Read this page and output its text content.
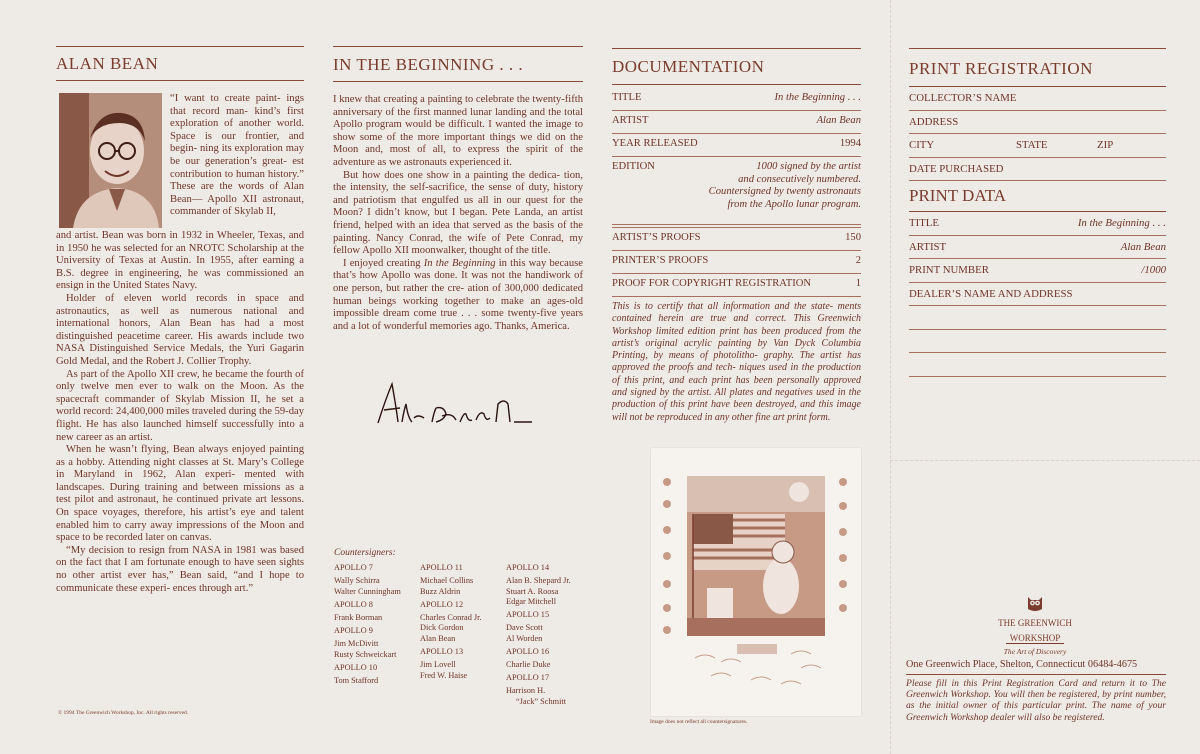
ALAN BEAN

“I want to create paint- ings that record man- kind’s first exploration of another world. Space is our frontier, and begin- ning its exploration may be our generation’s great- est contribution to human history.” These are the words of Alan Bean— Apollo XII astronaut, commander of Skylab II,

and artist. Bean was born in 1932 in Wheeler, Texas, and in 1950 he was selected for an NROTC Scholarship at the University of Texas at Austin. In 1955, after earning a B.S. degree in engineering, he was commissioned an ensign in the United States Navy.

Holder of eleven world records in space and astronautics, as well as numerous national and international honors, Alan Bean has had a most distinguished peacetime career. His awards include two NASA Distinguished Service Medals, the Yuri Gagarin Gold Medal, and the Robert J. Collier Trophy.

As part of the Apollo XII crew, he became the fourth of only twelve men ever to walk on the Moon. As the spacecraft commander of Skylab Mission II, he set a world record: 24,400,000 miles traveled during the 59-day flight. He has also launched himself successfully into a new career as an artist.

When he wasn’t flying, Bean always enjoyed painting as a hobby. Attending night classes at St. Mary’s College in Maryland in 1962, Alan experi- mented with landscapes. During training and between missions as a test pilot and astronaut, he continued private art lessons. On space voyages, therefore, his artist’s eye and talent enabled him to carry away impressions of the Moon and space to be recorded later on canvas.

“My decision to resign from NASA in 1981 was based on the fact that I am fortunate enough to have seen sights no other artist ever has,” Bean said, “and I hope to communicate these experi- ences through art.”

© 1994 The Greenwich Workshop, Inc. All rights reserved.
IN THE BEGINNING . . .

I knew that creating a painting to celebrate the twenty-fifth anniversary of the first manned lunar landing and the total Apollo program would be difficult. I wanted the image to show some of the more important things we did on the Moon and, most of all, to express the spirit of the adventure as we astronauts experienced it.

But how does one show in a painting the dedica- tion, the intensity, the self-sacrifice, the sense of duty, history and patriotism that engulfed us all in our quest for the Moon? I didn’t know, but I began. Pete Landa, an artist friend, helped with an idea that served as the basis of the painting. Nancy Conrad, the wife of Pete Conrad, my fellow Apollo XII moonwalker, thought of the title.

I enjoyed creating In the Beginning in this way because that’s how Apollo was done. It was not the handiwork of one person, but rather the cre- ation of 300,000 dedicated human beings working together to make an ages-old impossible dream come true . . . some twenty-five years and a lot of wonderful memories ago. Thanks, America.

Countersigners:
APOLLO 7
Wally Schirra
Walter Cunningham
APOLLO 8
Frank Borman
APOLLO 9
Jim McDivitt
Rusty Schweickart
APOLLO 10
Tom Stafford
APOLLO 11
Michael Collins
Buzz Aldrin
APOLLO 12
Charles Conrad Jr.
Dick Gordon
Alan Bean
APOLLO 13
Jim Lovell
Fred W. Haise
APOLLO 14
Alan B. Shepard Jr.
Stuart A. Roosa
Edgar Mitchell
APOLLO 15
Dave Scott
Al Worden
APOLLO 16
Charlie Duke
APOLLO 17
Harrison H.
“Jack” Schmitt
DOCUMENTATION
TITLE	In the Beginning . . .
ARTIST	Alan Bean
YEAR RELEASED	1994
EDITION	1000 signed by the artist
and consecutively numbered.
Countersigned by twenty astronauts
from the Apollo lunar program.
ARTIST’S PROOFS	150
PRINTER’S PROOFS	2
PROOF FOR COPYRIGHT REGISTRATION	1
This is to certify that all information and the state- ments contained herein are true and correct. This Greenwich Workshop limited edition print has been produced from the artist’s original acrylic painting by Van Dyck Columbia Printing, by means of photolitho- graphy. The artist has approved the proofs and tech- niques used in the production of this print, and each print has been personally approved and signed by the artist. All plates and negatives used in the production of this print have been destroyed, and this image will not be reproduced in any other fine art print form.
Image does not reflect all countersignatures.
PRINT REGISTRATION
COLLECTOR’S NAME
ADDRESS
CITY	STATE	ZIP
DATE PURCHASED
PRINT DATA
TITLE	In the Beginning . . .
ARTIST	Alan Bean
PRINT NUMBER	/1000
DEALER’S NAME AND ADDRESS
THE GREENWICH
WORKSHOP
The Art of Discovery
One Greenwich Place, Shelton, Connecticut 06484-4675
Please fill in this Print Registration Card and return it to The Greenwich Workshop. You will then be registered, by print number, as the initial owner of this particular print. The name of your Greenwich Workshop dealer will also be registered.
